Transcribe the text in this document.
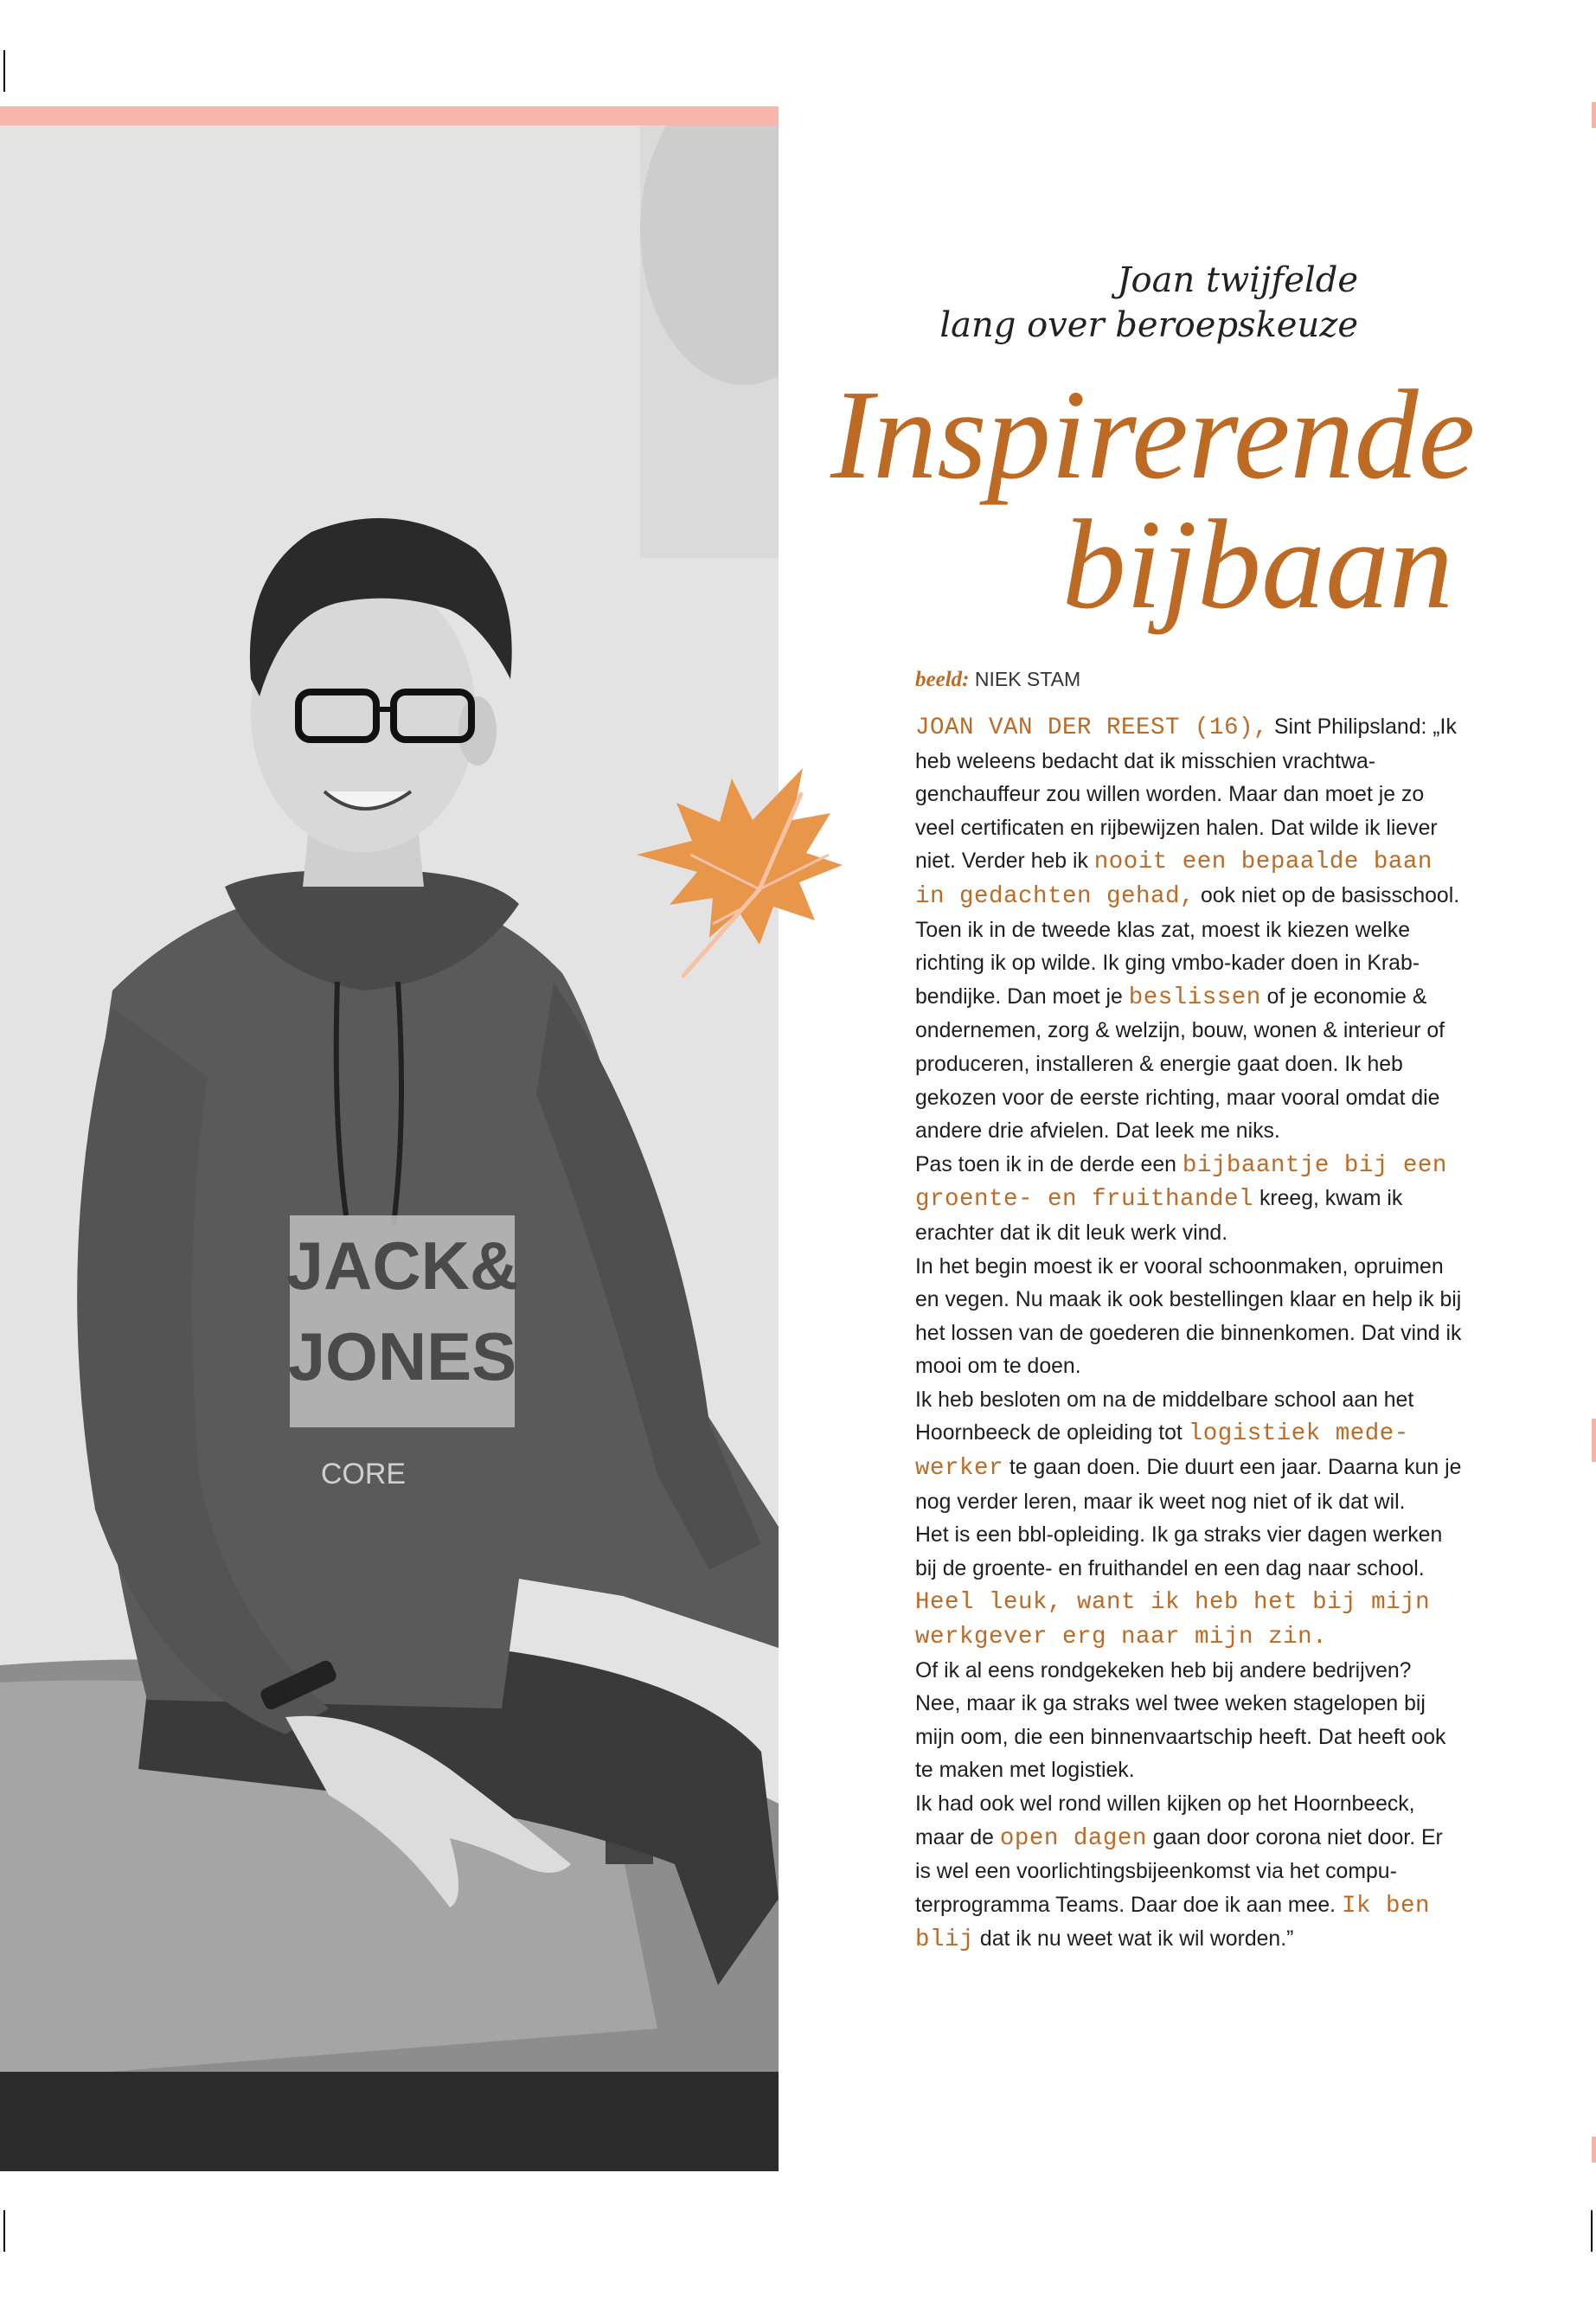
JACK&
JONES
CORE
Joan twijfelde
lang over beroepskeuze
Inspirerende
bijbaan
beeld: NIEK STAM

JOAN VAN DER REEST (16), Sint Philipsland: „Ik heb weleens bedacht dat ik misschien vrachtwagenchauffeur zou willen worden. Maar dan moet je zo veel certificaten en rijbewijzen halen. Dat wilde ik liever niet. Verder heb ik nooit een bepaalde baan in gedachten gehad, ook niet op de basisschool.

Toen ik in de tweede klas zat, moest ik kiezen welke richting ik op wilde. Ik ging vmbo-kader doen in Krabbendijke. Dan moet je beslissen of je economie & ondernemen, zorg & welzijn, bouw, wonen & interieur of produceren, installeren & energie gaat doen. Ik heb gekozen voor de eerste richting, maar vooral omdat die andere drie afvielen. Dat leek me niks.

Pas toen ik in de derde een bijbaantje bij een groente- en fruithandel kreeg, kwam ik erachter dat ik dit leuk werk vind.

In het begin moest ik er vooral schoonmaken, opruimen en vegen. Nu maak ik ook bestellingen klaar en help ik bij het lossen van de goederen die binnenkomen. Dat vind ik mooi om te doen.

Ik heb besloten om na de middelbare school aan het Hoornbeeck de opleiding tot logistiek medewerker te gaan doen. Die duurt een jaar. Daarna kun je nog verder leren, maar ik weet nog niet of ik dat wil.

Het is een bbl-opleiding. Ik ga straks vier dagen werken bij de groente- en fruithandel en een dag naar school. Heel leuk, want ik heb het bij mijn werkgever erg naar mijn zin.

Of ik al eens rondgekeken heb bij andere bedrijven? Nee, maar ik ga straks wel twee weken stagelopen bij mijn oom, die een binnenvaartschip heeft. Dat heeft ook te maken met logistiek.

Ik had ook wel rond willen kijken op het Hoornbeeck, maar de open dagen gaan door corona niet door. Er is wel een voorlichtingsbijeenkomst via het computerprogramma Teams. Daar doe ik aan mee. Ik ben blij dat ik nu weet wat ik wil worden.”
